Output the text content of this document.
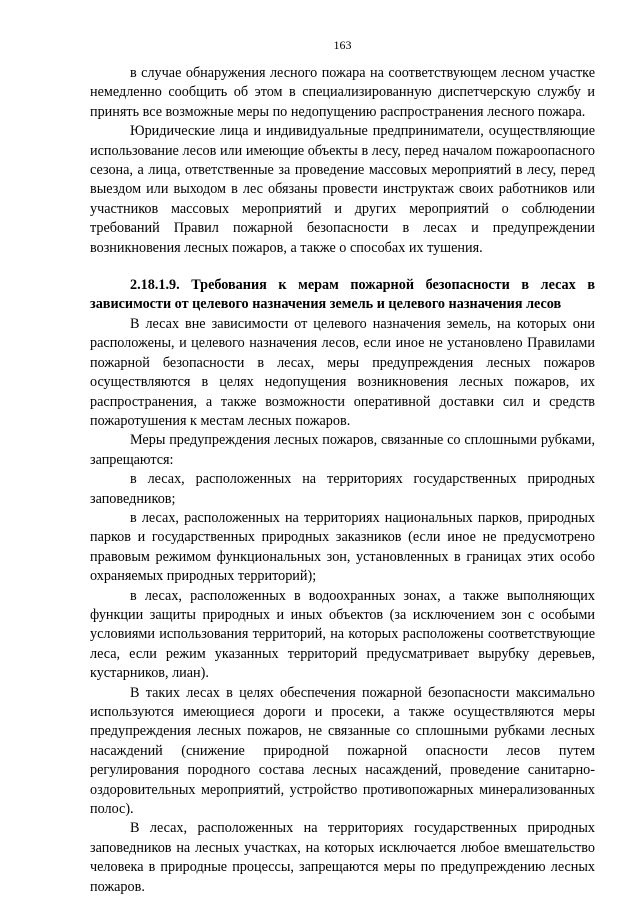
163

в случае обнаружения лесного пожара на соответствующем лесном участке немедленно сообщить об этом в специализированную диспетчерскую службу и принять все возможные меры по недопущению распространения лесного пожара.

Юридические лица и индивидуальные предприниматели, осуществляющие использование лесов или имеющие объекты в лесу, перед началом пожароопасного сезона, а лица, ответственные за проведение массовых мероприятий в лесу, перед выездом или выходом в лес обязаны провести инструктаж своих работников или участников массовых мероприятий и других мероприятий о соблюдении требований Правил пожарной безопасности в лесах и предупреждении возникновения лесных пожаров, а также о способах их тушения.

2.18.1.9. Требования к мерам пожарной безопасности в лесах в зависимости от целевого назначения земель и целевого назначения лесов

В лесах вне зависимости от целевого назначения земель, на которых они расположены, и целевого назначения лесов, если иное не установлено Правилами пожарной безопасности в лесах, меры предупреждения лесных пожаров осуществляются в целях недопущения возникновения лесных пожаров, их распространения, а также возможности оперативной доставки сил и средств пожаротушения к местам лесных пожаров.

Меры предупреждения лесных пожаров, связанные со сплошными рубками, запрещаются:

в лесах, расположенных на территориях государственных природных заповедников;

в лесах, расположенных на территориях национальных парков, природных парков и государственных природных заказников (если иное не предусмотрено правовым режимом функциональных зон, установленных в границах этих особо охраняемых природных территорий);

в лесах, расположенных в водоохранных зонах, а также выполняющих функции защиты природных и иных объектов (за исключением зон с особыми условиями использования территорий, на которых расположены соответствующие леса, если режим указанных территорий предусматривает вырубку деревьев, кустарников, лиан).

В таких лесах в целях обеспечения пожарной безопасности максимально используются имеющиеся дороги и просеки, а также осуществляются меры предупреждения лесных пожаров, не связанные со сплошными рубками лесных насаждений (снижение природной пожарной опасности лесов путем регулирования породного состава лесных насаждений, проведение санитарно-оздоровительных мероприятий, устройство противопожарных минерализованных полос).

В лесах, расположенных на территориях государственных природных заповедников на лесных участках, на которых исключается любое вмешательство человека в природные процессы, запрещаются меры по предупреждению лесных пожаров.
